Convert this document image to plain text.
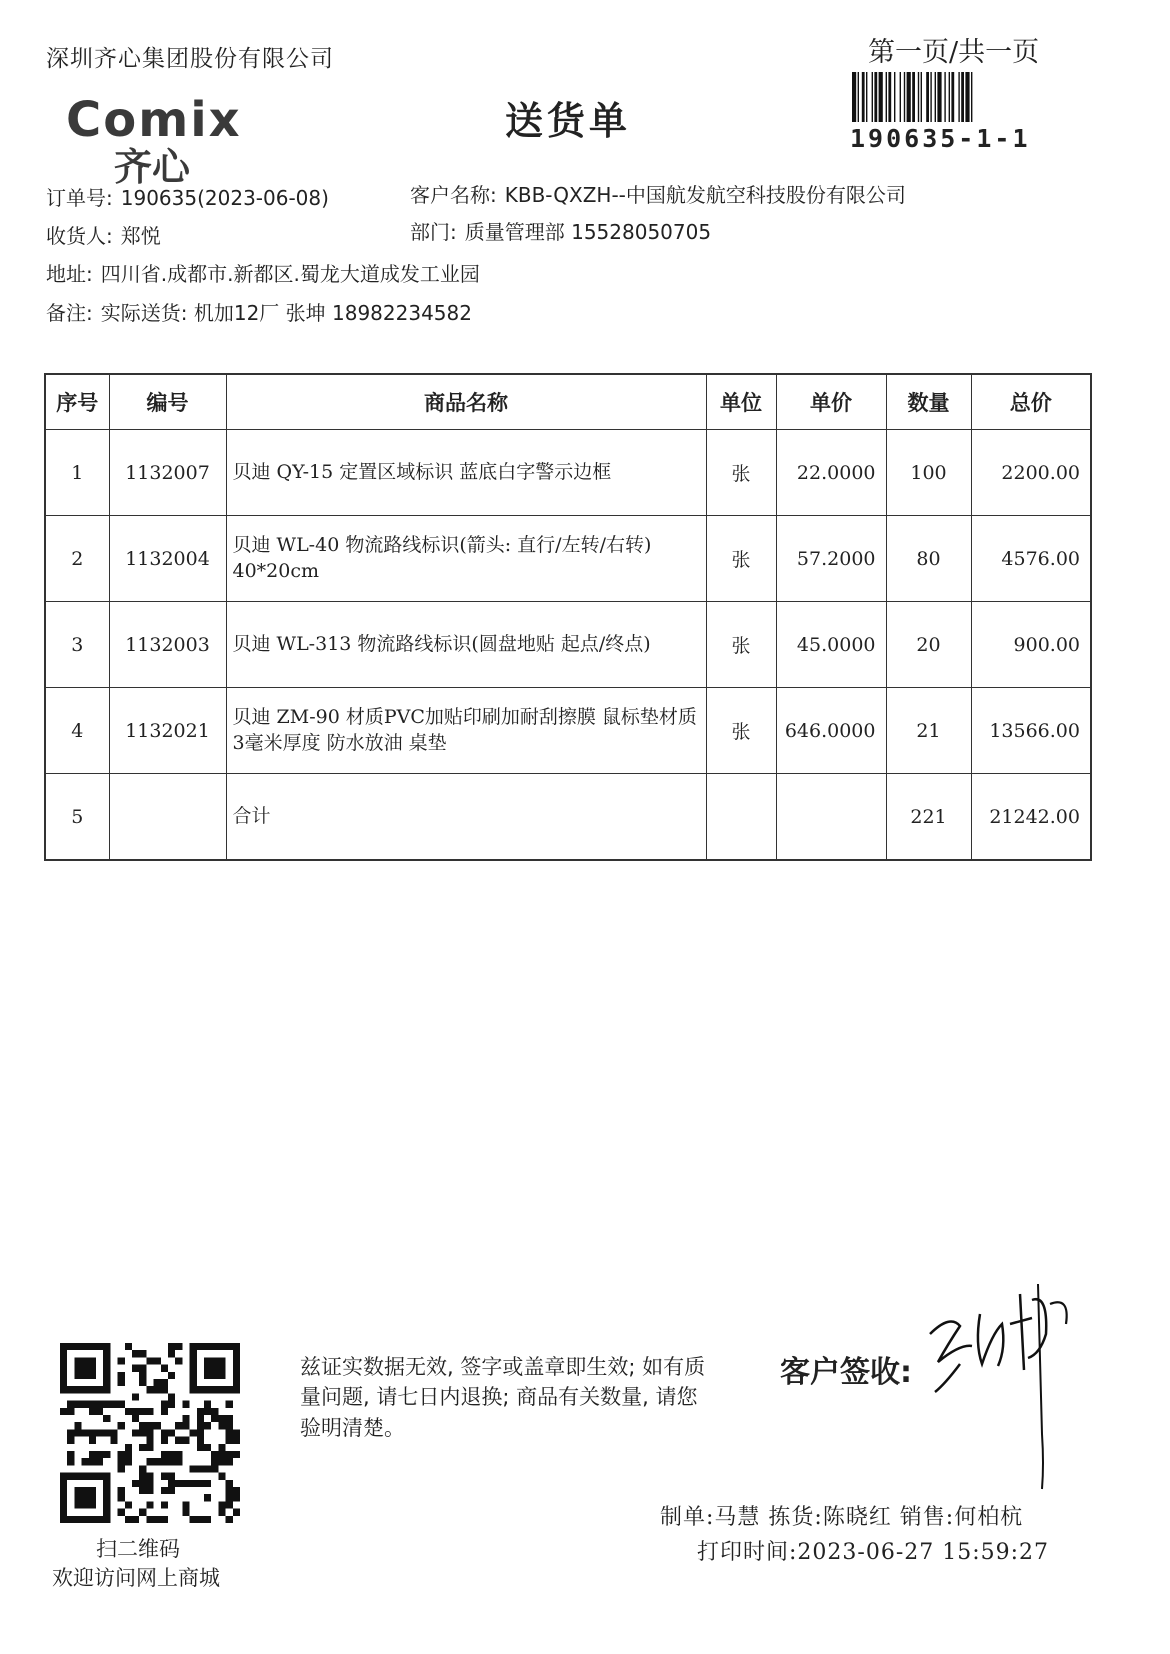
深圳齐心集团股份有限公司
Comix
齐心
送货单
第一页/共一页
190635-1-1
订单号: 190635(2023-06-08)	客户名称: KBB-QXZH--中国航发航空科技股份有限公司
收货人: 郑悦	部门: 质量管理部 15528050705
地址: 四川省.成都市.新都区.蜀龙大道成发工业园
备注: 实际送货: 机加12厂 张坤 18982234582
序号	编号	商品名称	单位	单价	数量	总价
1	1132007	贝迪 QY-15 定置区域标识 蓝底白字警示边框	张	22.0000	100	2200.00
2	1132004	贝迪 WL-40 物流路线标识(箭头: 直行/左转/右转) 40*20cm	张	57.2000	80	4576.00
3	1132003	贝迪 WL-313 物流路线标识(圆盘地贴 起点/终点)	张	45.0000	20	900.00
4	1132021	贝迪 ZM-90 材质PVC加贴印刷加耐刮擦膜 鼠标垫材质 3毫米厚度 防水放油 桌垫	张	646.0000	21	13566.00
5		合计			221	21242.00
扫二维码
欢迎访问网上商城
兹证实数据无效, 签字或盖章即生效; 如有质量问题, 请七日内退换; 商品有关数量, 请您验明清楚。
客户签收:
制单:马慧 拣货:陈晓红 销售:何柏杭
打印时间:2023-06-27 15:59:27
